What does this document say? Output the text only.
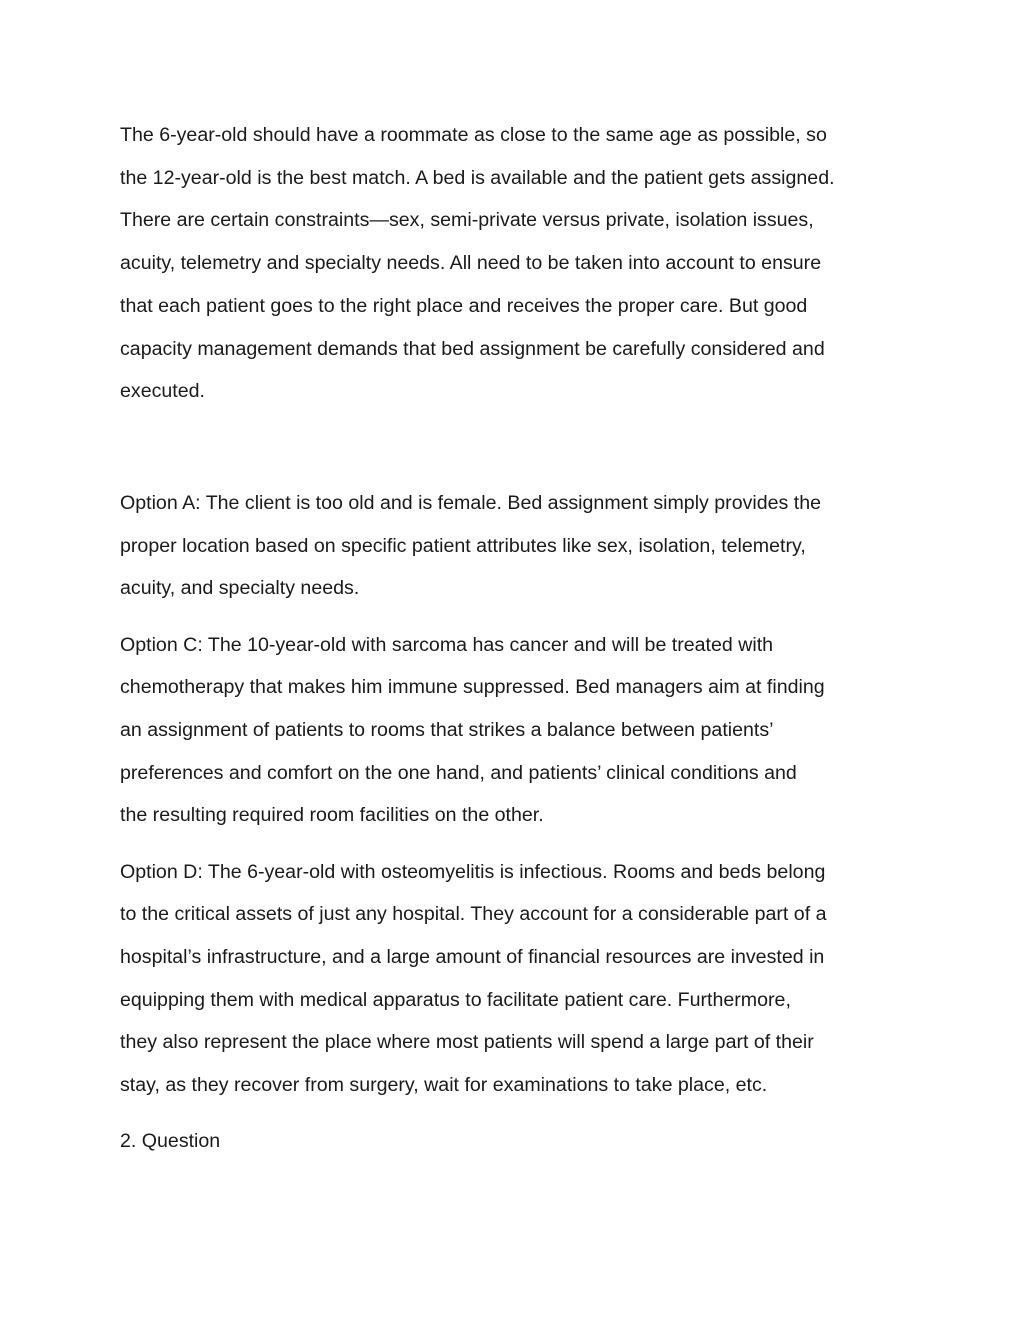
The 6-year-old should have a roommate as close to the same age as possible, so
the 12-year-old is the best match. A bed is available and the patient gets assigned.
There are certain constraints—sex, semi-private versus private, isolation issues,
acuity, telemetry and specialty needs. All need to be taken into account to ensure
that each patient goes to the right place and receives the proper care. But good
capacity management demands that bed assignment be carefully considered and
executed.

Option A: The client is too old and is female. Bed assignment simply provides the
proper location based on specific patient attributes like sex, isolation, telemetry,
acuity, and specialty needs.

Option C: The 10-year-old with sarcoma has cancer and will be treated with
chemotherapy that makes him immune suppressed. Bed managers aim at finding
an assignment of patients to rooms that strikes a balance between patients’
preferences and comfort on the one hand, and patients’ clinical conditions and
the resulting required room facilities on the other.

Option D: The 6-year-old with osteomyelitis is infectious. Rooms and beds belong
to the critical assets of just any hospital. They account for a considerable part of a
hospital’s infrastructure, and a large amount of financial resources are invested in
equipping them with medical apparatus to facilitate patient care. Furthermore,
they also represent the place where most patients will spend a large part of their
stay, as they recover from surgery, wait for examinations to take place, etc.

2. Question
